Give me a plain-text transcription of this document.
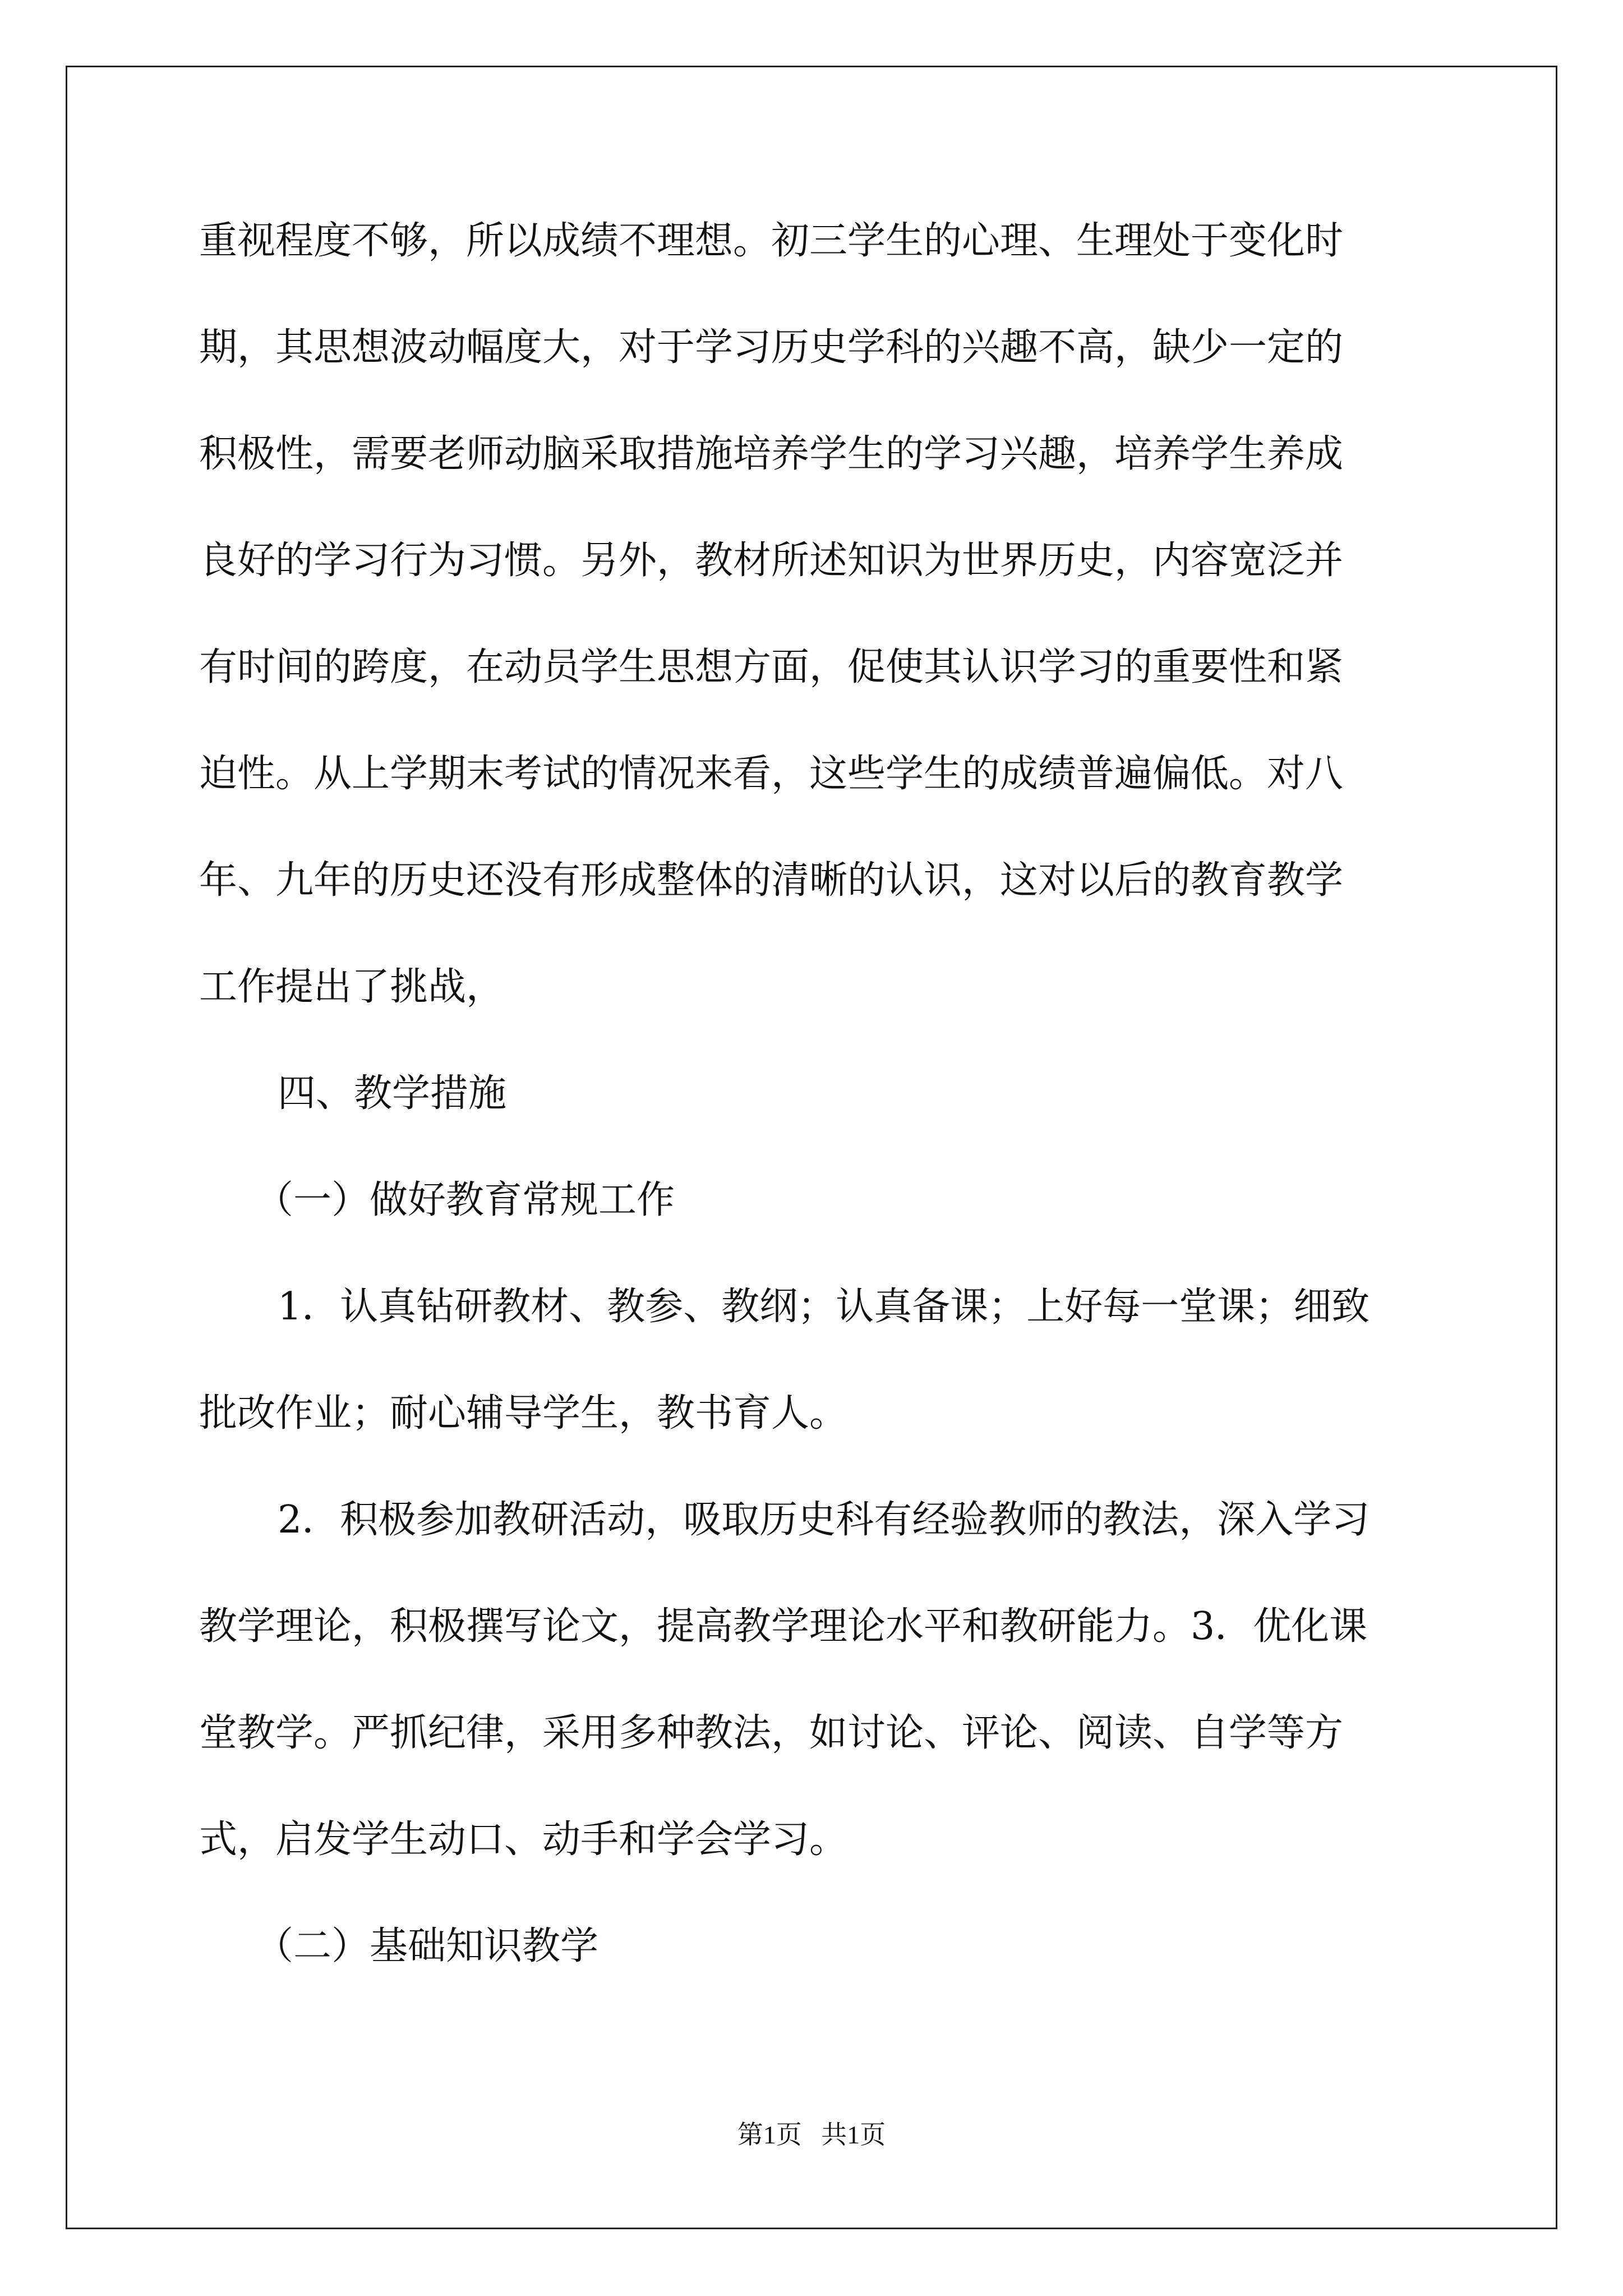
重视程度不够，所以成绩不理想。初三学生的心理、生理处于变化时
期，其思想波动幅度大，对于学习历史学科的兴趣不高，缺少一定的
积极性，需要老师动脑采取措施培养学生的学习兴趣，培养学生养成
良好的学习行为习惯。另外，教材所述知识为世界历史，内容宽泛并
有时间的跨度，在动员学生思想方面，促使其认识学习的重要性和紧
迫性。从上学期末考试的情况来看，这些学生的成绩普遍偏低。对八
年、九年的历史还没有形成整体的清晰的认识，这对以后的教育教学
工作提出了挑战，
四、教学措施
（一）做好教育常规工作
1．认真钻研教材、教参、教纲；认真备课；上好每一堂课；细致
批改作业；耐心辅导学生，教书育人。
2．积极参加教研活动，吸取历史科有经验教师的教法，深入学习
教学理论，积极撰写论文，提高教学理论水平和教研能力。3．优化课
堂教学。严抓纪律，采用多种教法，如讨论、评论、阅读、自学等方
式，启发学生动口、动手和学会学习。
（二）基础知识教学
第1页   共1页
